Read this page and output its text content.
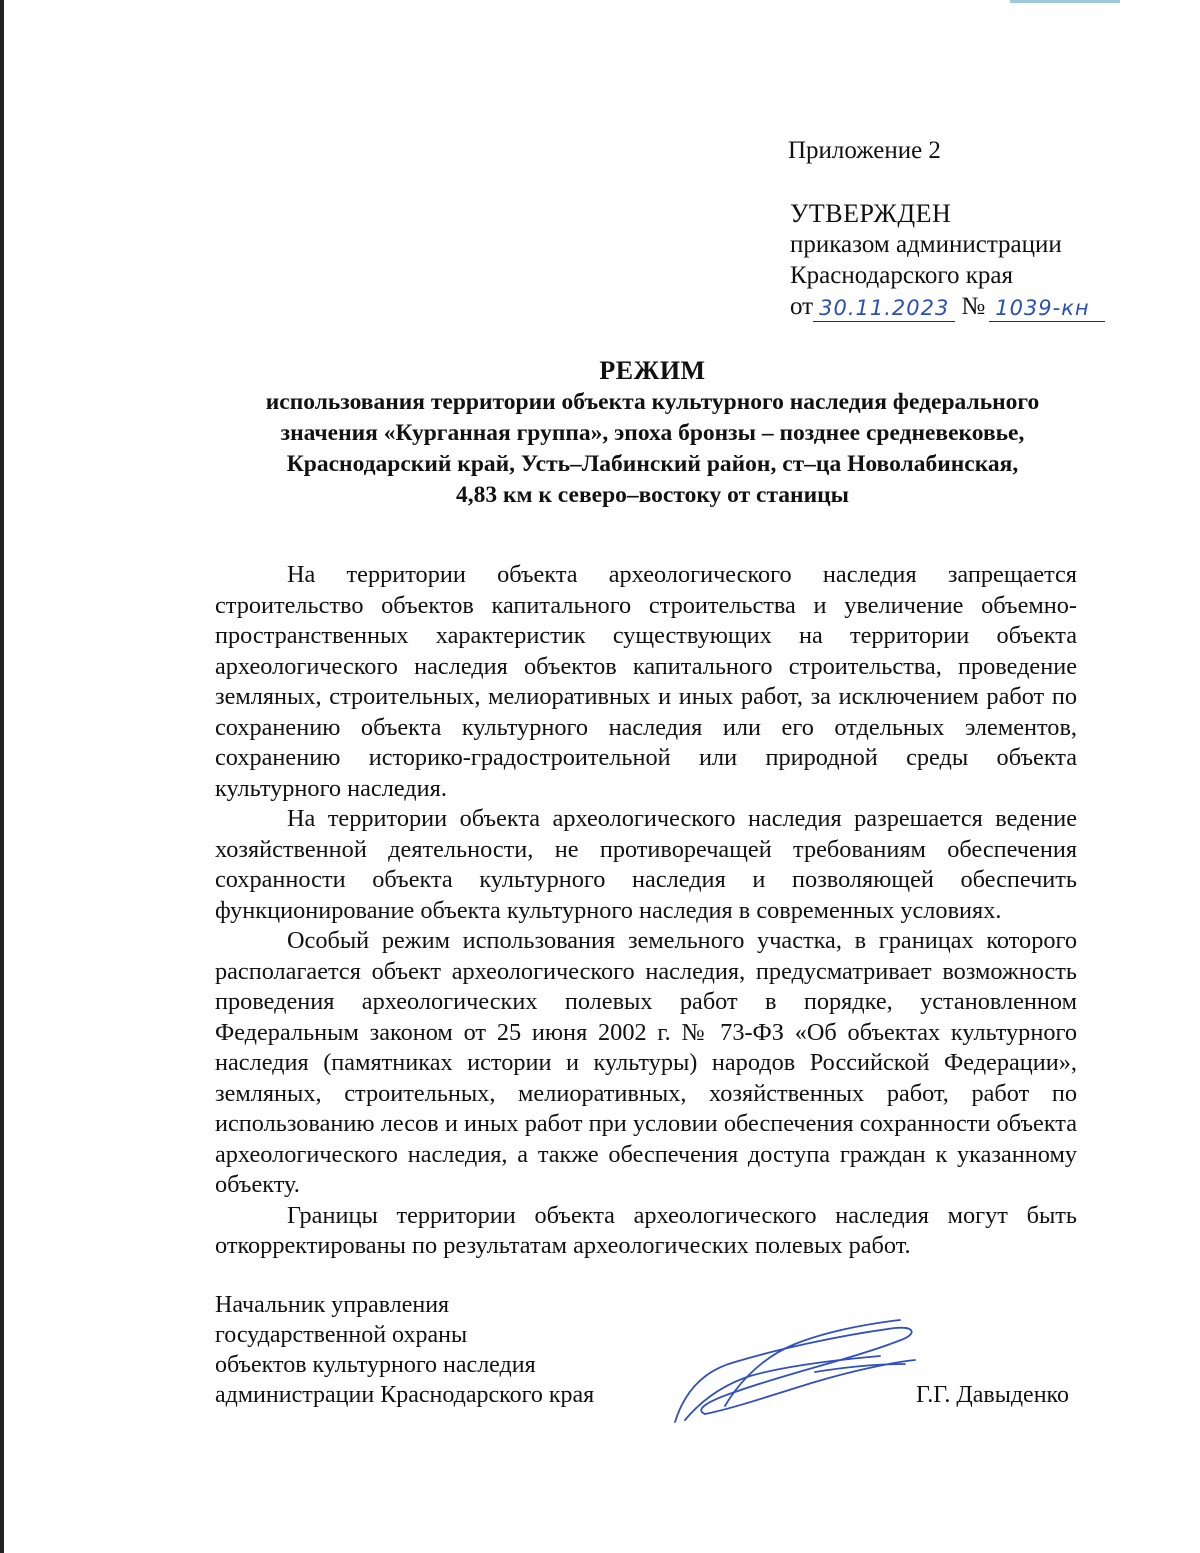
Приложение 2
УТВЕРЖДЕН
приказом администрации
Краснодарского края
от 30.11.2023 № 1039-кн
РЕЖИМ
использования территории объекта культурного наследия федерального
значения «Курганная группа», эпоха бронзы – позднее средневековье,
Краснодарский край, Усть–Лабинский район, ст–ца Новолабинская,
4,83 км к северо–востоку от станицы

На территории объекта археологического наследия запрещается строительство объектов капитального строительства и увеличение объемно-пространственных характеристик существующих на территории объекта археологического наследия объектов капитального строительства, проведение земляных, строительных, мелиоративных и иных работ, за исключением работ по сохранению объекта культурного наследия или его отдельных элементов, сохранению историко-градостроительной или природной среды объекта культурного наследия.

На территории объекта археологического наследия разрешается ведение хозяйственной деятельности, не противоречащей требованиям обеспечения сохранности объекта культурного наследия и позволяющей обеспечить функционирование объекта культурного наследия в современных условиях.

Особый режим использования земельного участка, в границах которого располагается объект археологического наследия, предусматривает возможность проведения археологических полевых работ в порядке, установленном Федеральным законом от 25 июня 2002 г. № 73-ФЗ «Об объектах культурного наследия (памятниках истории и культуры) народов Российской Федерации», земляных, строительных, мелиоративных, хозяйственных работ, работ по использованию лесов и иных работ при условии обеспечения сохранности объекта археологического наследия, а также обеспечения доступа граждан к указанному объекту.

Границы территории объекта археологического наследия могут быть откорректированы по результатам археологических полевых работ.

Начальник управления
государственной охраны
объектов культурного наследия
администрации Краснодарского края	Г.Г. Давыденко
